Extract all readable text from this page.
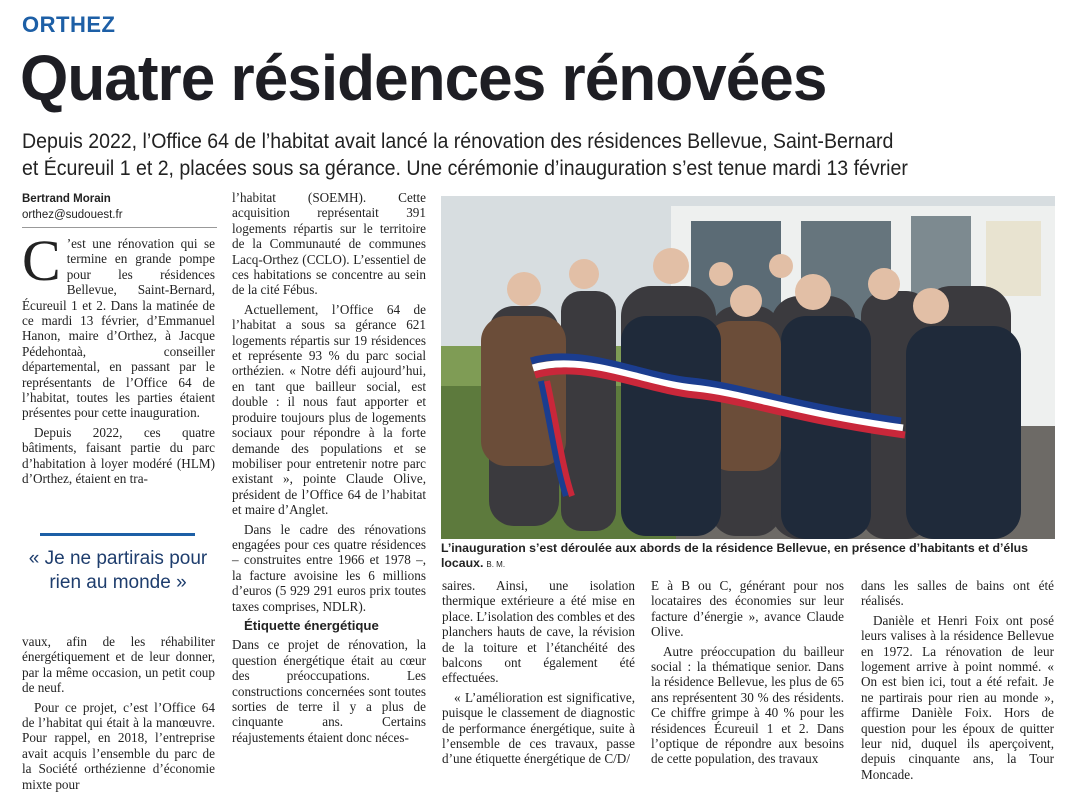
ORTHEZ
Quatre résidences rénovées
Depuis 2022, l’Office 64 de l’habitat avait lancé la rénovation des résidences Bellevue, Saint-Bernard
et Écureuil 1 et 2, placées sous sa gérance. Une cérémonie d’inauguration s’est tenue mardi 13 février
Bertrand Morain
orthez@sudouest.fr

C ’est une rénovation qui se termine en grande pompe pour les résidences Bellevue, Saint-Bernard, Écureuil 1 et 2. Dans la matinée de ce mardi 13 février, d’Emmanuel Hanon, maire d’Orthez, à Jacque Pédehontaà, conseiller départemental, en passant par le représentants de l’Office 64 de l’habitat, toutes les parties étaient présentes pour cette inauguration.

Depuis 2022, ces quatre bâtiments, faisant partie du parc d’habitation à loyer modéré (HLM) d’Orthez, étaient en tra-

« Je ne partirais pour rien au monde »

vaux, afin de les réhabiliter énergétiquement et de leur donner, par la même occasion, un petit coup de neuf.

Pour ce projet, c’est l’Office 64 de l’habitat qui était à la manœuvre. Pour rappel, en 2018, l’entreprise avait acquis l’ensemble du parc de la Société orthézienne d’économie mixte pour

l’habitat (SOEMH). Cette acquisition représentait 391 logements répartis sur le territoire de la Communauté de communes Lacq-Orthez (CCLO). L’essentiel de ces habitations se concentre au sein de la cité Fébus.

Actuellement, l’Office 64 de l’habitat a sous sa gérance 621 logements répartis sur 19 résidences et représente 93 % du parc social orthézien. « Notre défi aujourd’hui, en tant que bailleur social, est double : il nous faut apporter et produire toujours plus de logements sociaux pour répondre à la forte demande des populations et se mobiliser pour entretenir notre parc existant », pointe Claude Olive, président de l’Office 64 de l’habitat et maire d’Anglet.

Dans le cadre des rénovations engagées pour ces quatre résidences – construites entre 1966 et 1978 –, la facture avoisine les 6 millions d’euros (5 929 291 euros prix toutes taxes comprises, NDLR).

Étiquette énergétique

Dans ce projet de rénovation, la question énergétique était au cœur des préoccupations. Les constructions concernées sont toutes sorties de terre il y a plus de cinquante ans. Certains réajustements étaient donc néces-

L’inauguration s’est déroulée aux abords de la résidence Bellevue, en présence d’habitants et d’élus locaux. B. M.

saires. Ainsi, une isolation thermique extérieure a été mise en place. L’isolation des combles et des planchers hauts de cave, la révision de la toiture et l’étanchéité des balcons ont également été effectuées.

« L’amélioration est significative, puisque le classement de diagnostic de performance énergétique, suite à l’ensemble de ces travaux, passe d’une étiquette énergétique de C/D/

E à B ou C, générant pour nos locataires des économies sur leur facture d’énergie », avance Claude Olive.

Autre préoccupation du bailleur social : la thématique senior. Dans la résidence Bellevue, les plus de 65 ans représentent 30 % des résidents. Ce chiffre grimpe à 40 % pour les résidences Écureuil 1 et 2. Dans l’optique de répondre aux besoins de cette population, des travaux

dans les salles de bains ont été réalisés.

Danièle et Henri Foix ont posé leurs valises à la résidence Bellevue en 1972. La rénovation de leur logement arrive à point nommé. « On est bien ici, tout a été refait. Je ne partirais pour rien au monde », affirme Danièle Foix. Hors de question pour les époux de quitter leur nid, duquel ils aperçoivent, depuis cinquante ans, la Tour Moncade.
